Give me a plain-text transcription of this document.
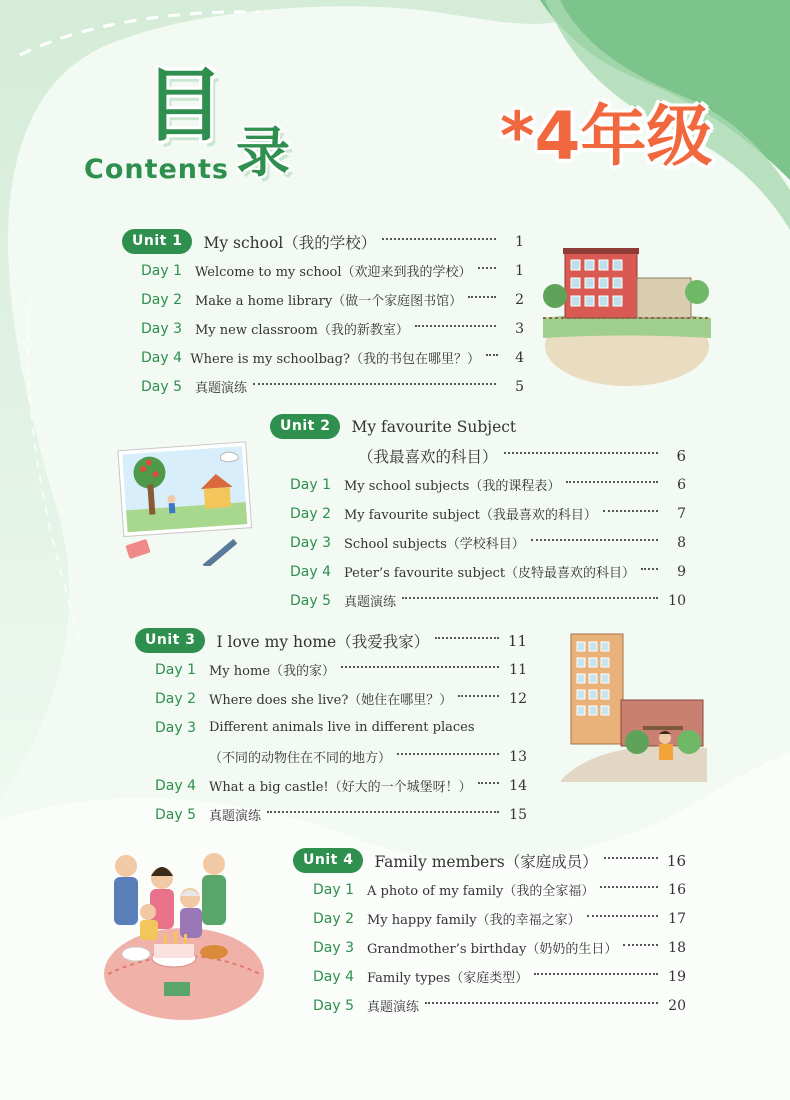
目
录
Contents	*4年级
Unit 1	My school（我的学校）	1
Day 1 Welcome to my school（欢迎来到我的学校）	1
Day 2 Make a home library（做一个家庭图书馆）	2
Day 3 My new classroom（我的新教室）	3
Day 4 Where is my schoolbag?（我的书包在哪里？）	4
Day 5 真题演练	5
Unit 2	My favourite Subject
（我最喜欢的科目）	6
Day 1 My school subjects（我的课程表）	6
Day 2 My favourite subject（我最喜欢的科目）	7
Day 3 School subjects（学校科目）	8
Day 4 Peter’s favourite subject（皮特最喜欢的科目）	9
Day 5 真题演练	10
Unit 3	I love my home（我爱我家）	11
Day 1 My home（我的家）	11
Day 2 Where does she live?（她住在哪里？）	12
Day 3 Different animals live in different places
（不同的动物住在不同的地方）	13
Day 4 What a big castle!（好大的一个城堡呀！）	14
Day 5 真题演练	15
Unit 4	Family members（家庭成员）	16
Day 1 A photo of my family（我的全家福）	16
Day 2 My happy family（我的幸福之家）	17
Day 3 Grandmother’s birthday（奶奶的生日）	18
Day 4 Family types（家庭类型）	19
Day 5 真题演练	20
